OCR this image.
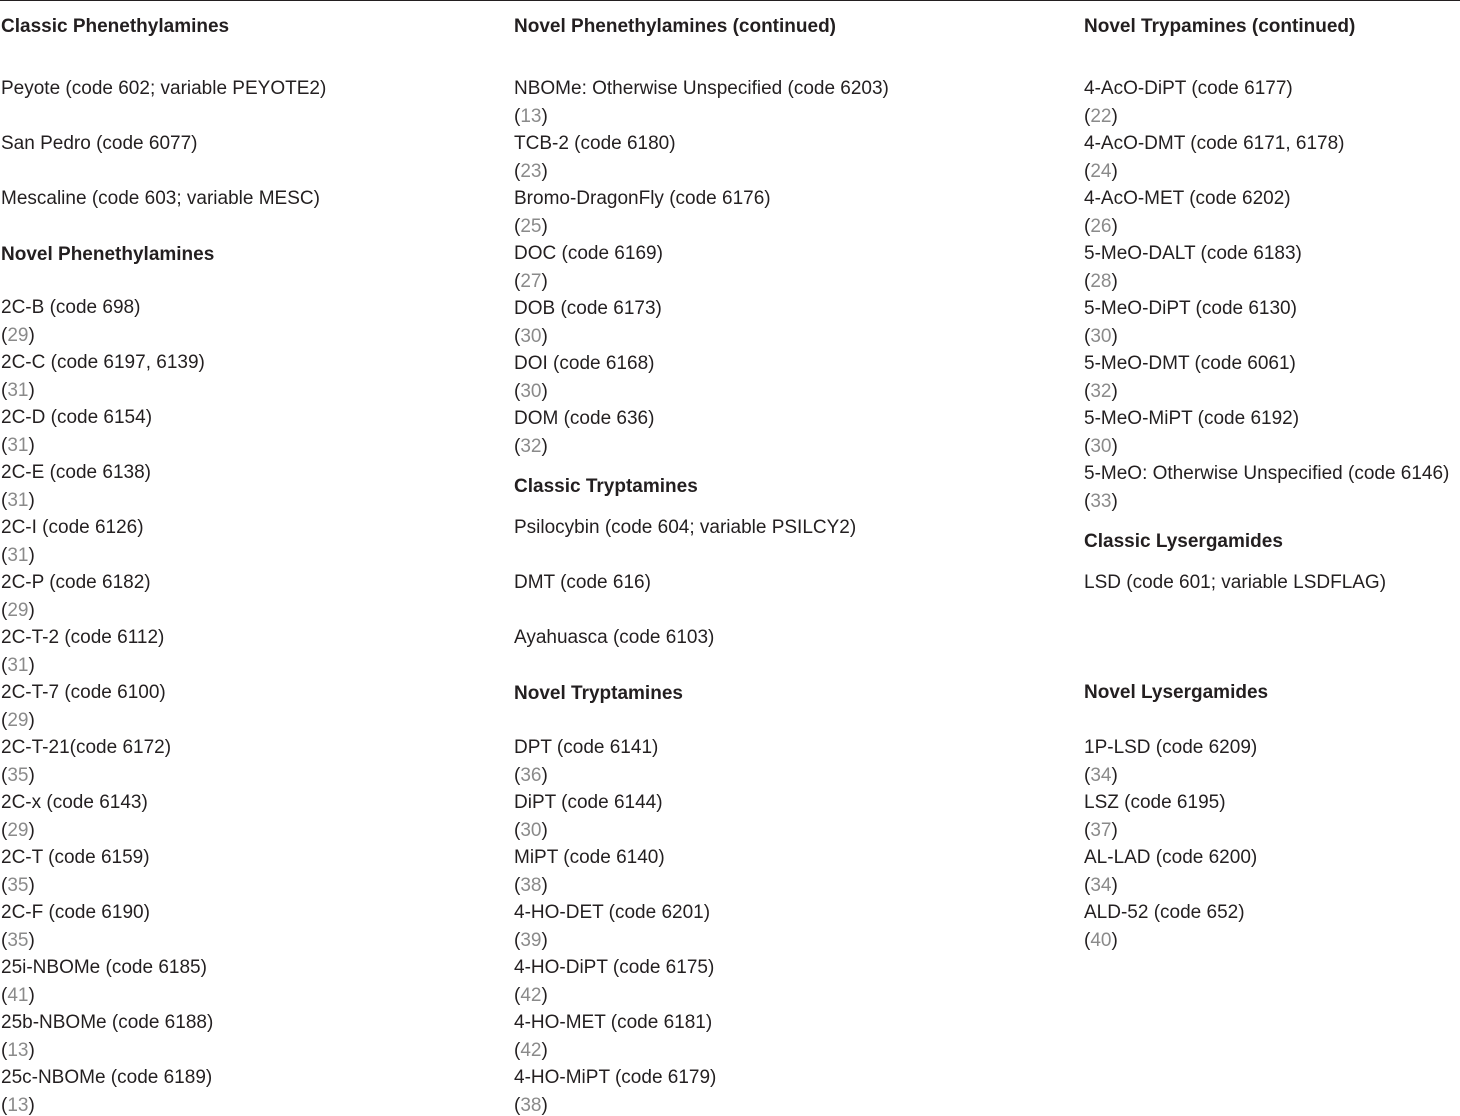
Classic Phenethylamines
Peyote (code 602; variable PEYOTE2)
San Pedro (code 6077)
Mescaline (code 603; variable MESC)
Novel Phenethylamines
2C-B (code 698)
(29)
2C-C (code 6197, 6139)
(31)
2C-D (code 6154)
(31)
2C-E (code 6138)
(31)
2C-I (code 6126)
(31)
2C-P (code 6182)
(29)
2C-T-2 (code 6112)
(31)
2C-T-7 (code 6100)
(29)
2C-T-21(code 6172)
(35)
2C-x (code 6143)
(29)
2C-T (code 6159)
(35)
2C-F (code 6190)
(35)
25i-NBOMe (code 6185)
(41)
25b-NBOMe (code 6188)
(13)
25c-NBOMe (code 6189)
(13)
Novel Phenethylamines (continued)
NBOMe: Otherwise Unspecified (code 6203)
(13)
TCB-2 (code 6180)
(23)
Bromo-DragonFly (code 6176)
(25)
DOC (code 6169)
(27)
DOB (code 6173)
(30)
DOI (code 6168)
(30)
DOM (code 636)
(32)
Classic Tryptamines
Psilocybin (code 604; variable PSILCY2)
DMT (code 616)
Ayahuasca (code 6103)
Novel Tryptamines
DPT (code 6141)
(36)
DiPT (code 6144)
(30)
MiPT (code 6140)
(38)
4-HO-DET (code 6201)
(39)
4-HO-DiPT (code 6175)
(42)
4-HO-MET (code 6181)
(42)
4-HO-MiPT (code 6179)
(38)
Novel Trypamines (continued)
4-AcO-DiPT (code 6177)
(22)
4-AcO-DMT (code 6171, 6178)
(24)
4-AcO-MET (code 6202)
(26)
5-MeO-DALT (code 6183)
(28)
5-MeO-DiPT (code 6130)
(30)
5-MeO-DMT (code 6061)
(32)
5-MeO-MiPT (code 6192)
(30)
5-MeO: Otherwise Unspecified (code 6146)
(33)
Classic Lysergamides
LSD (code 601; variable LSDFLAG)
Novel Lysergamides
1P-LSD (code 6209)
(34)
LSZ (code 6195)
(37)
AL-LAD (code 6200)
(34)
ALD-52 (code 652)
(40)
